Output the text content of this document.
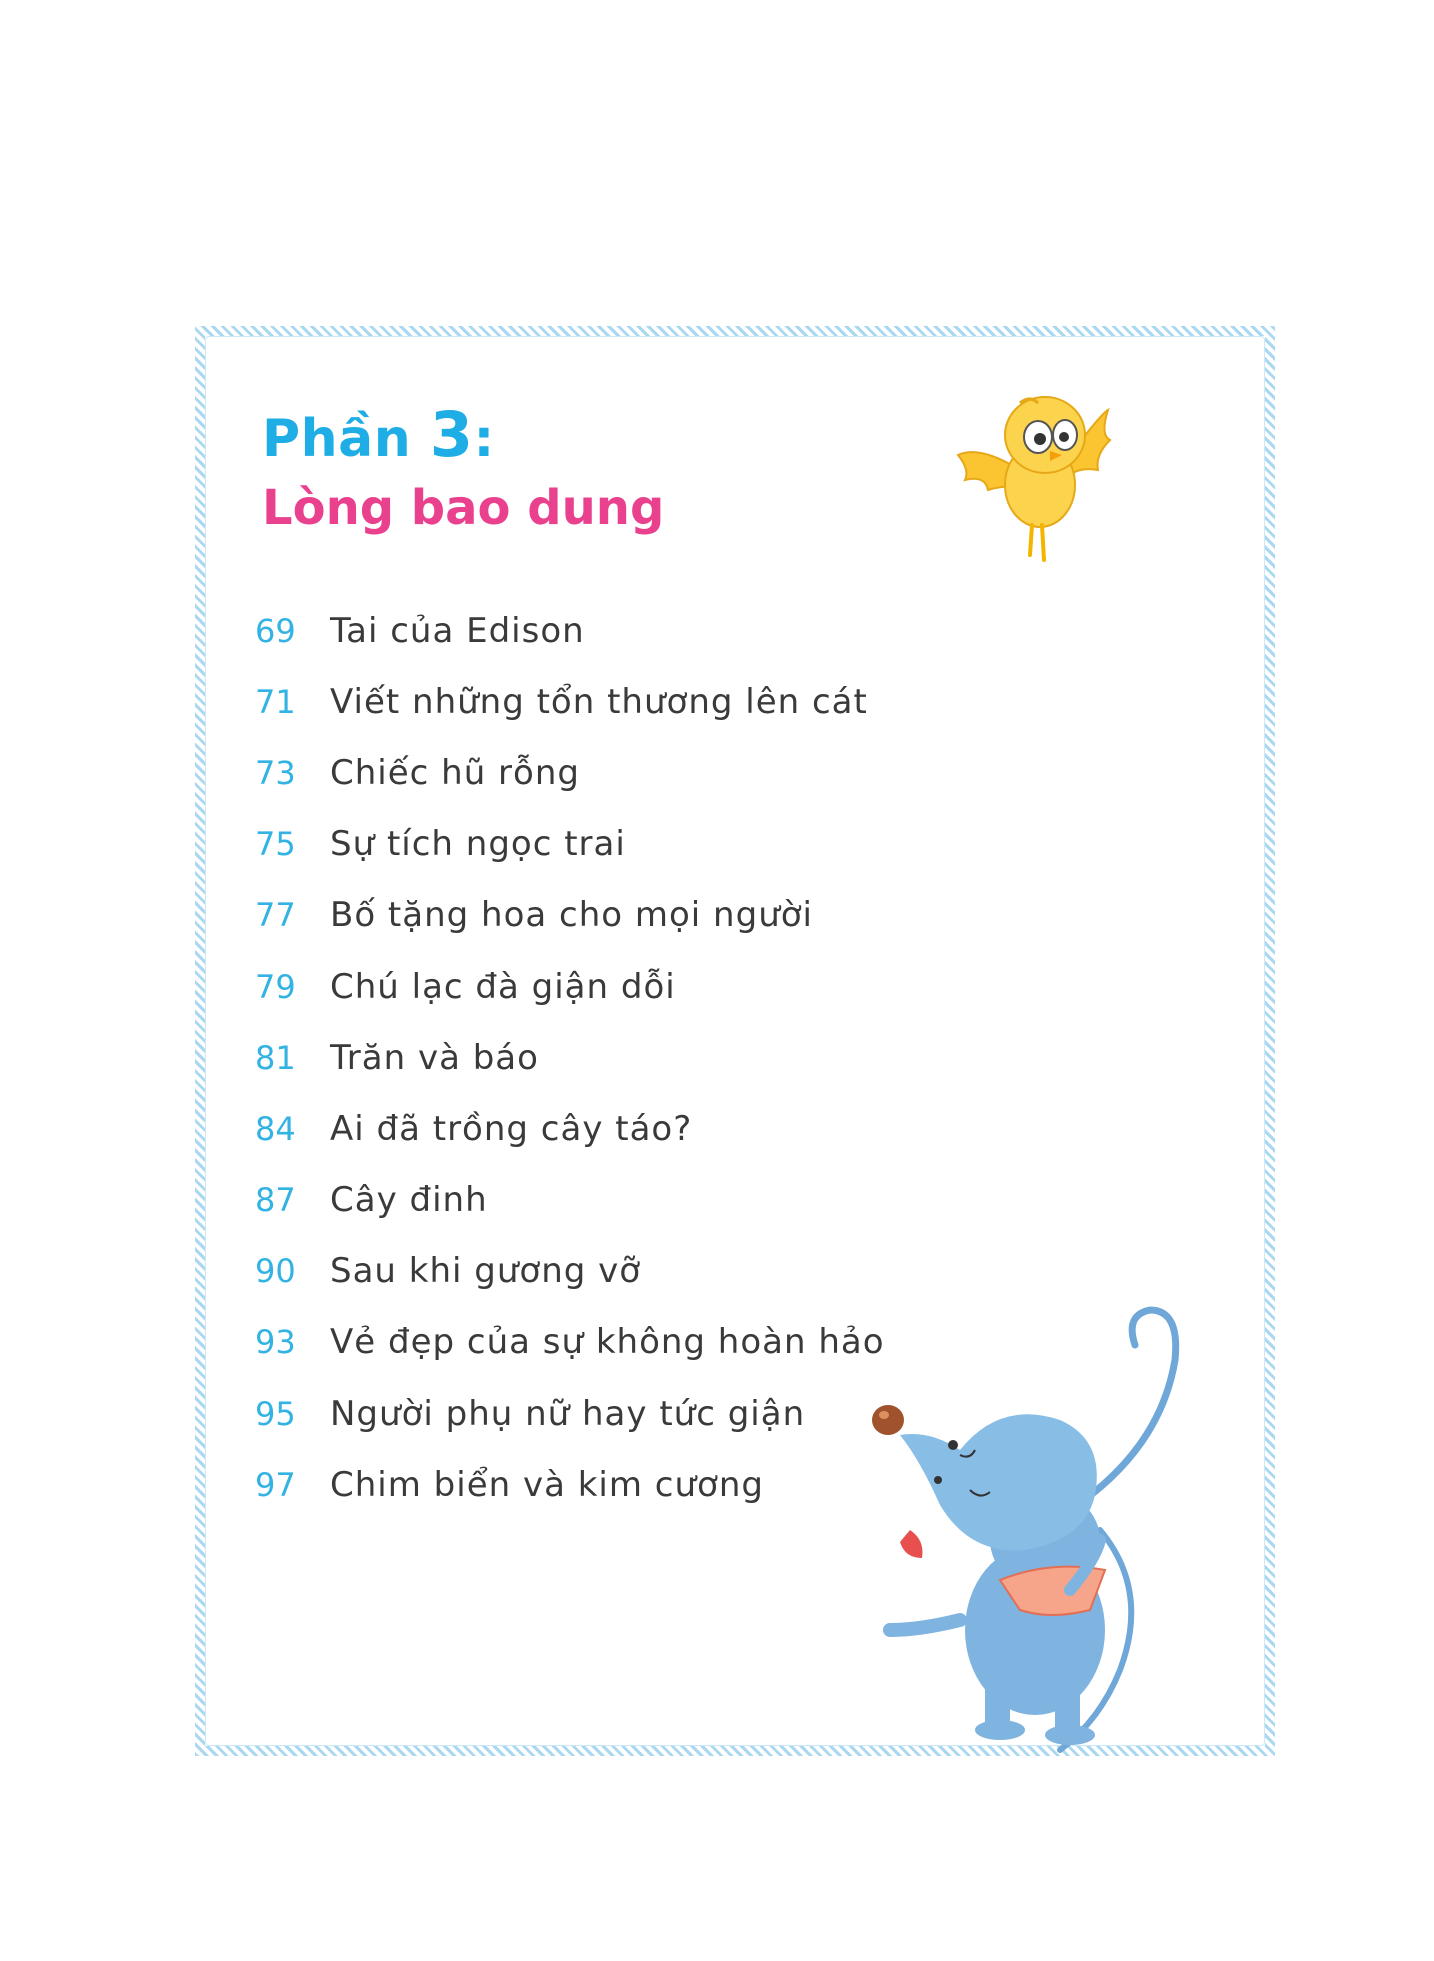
Phần 3:
Lòng bao dung
69	Tai của Edison
71	Viết những tổn thương lên cát
73	Chiếc hũ rỗng
75	Sự tích ngọc trai
77	Bố tặng hoa cho mọi người
79	Chú lạc đà giận dỗi
81	Trăn và báo
84	Ai đã trồng cây táo?
87	Cây đinh
90	Sau khi gương vỡ
93	Vẻ đẹp của sự không hoàn hảo
95	Người phụ nữ hay tức giận
97	Chim biển và kim cương
